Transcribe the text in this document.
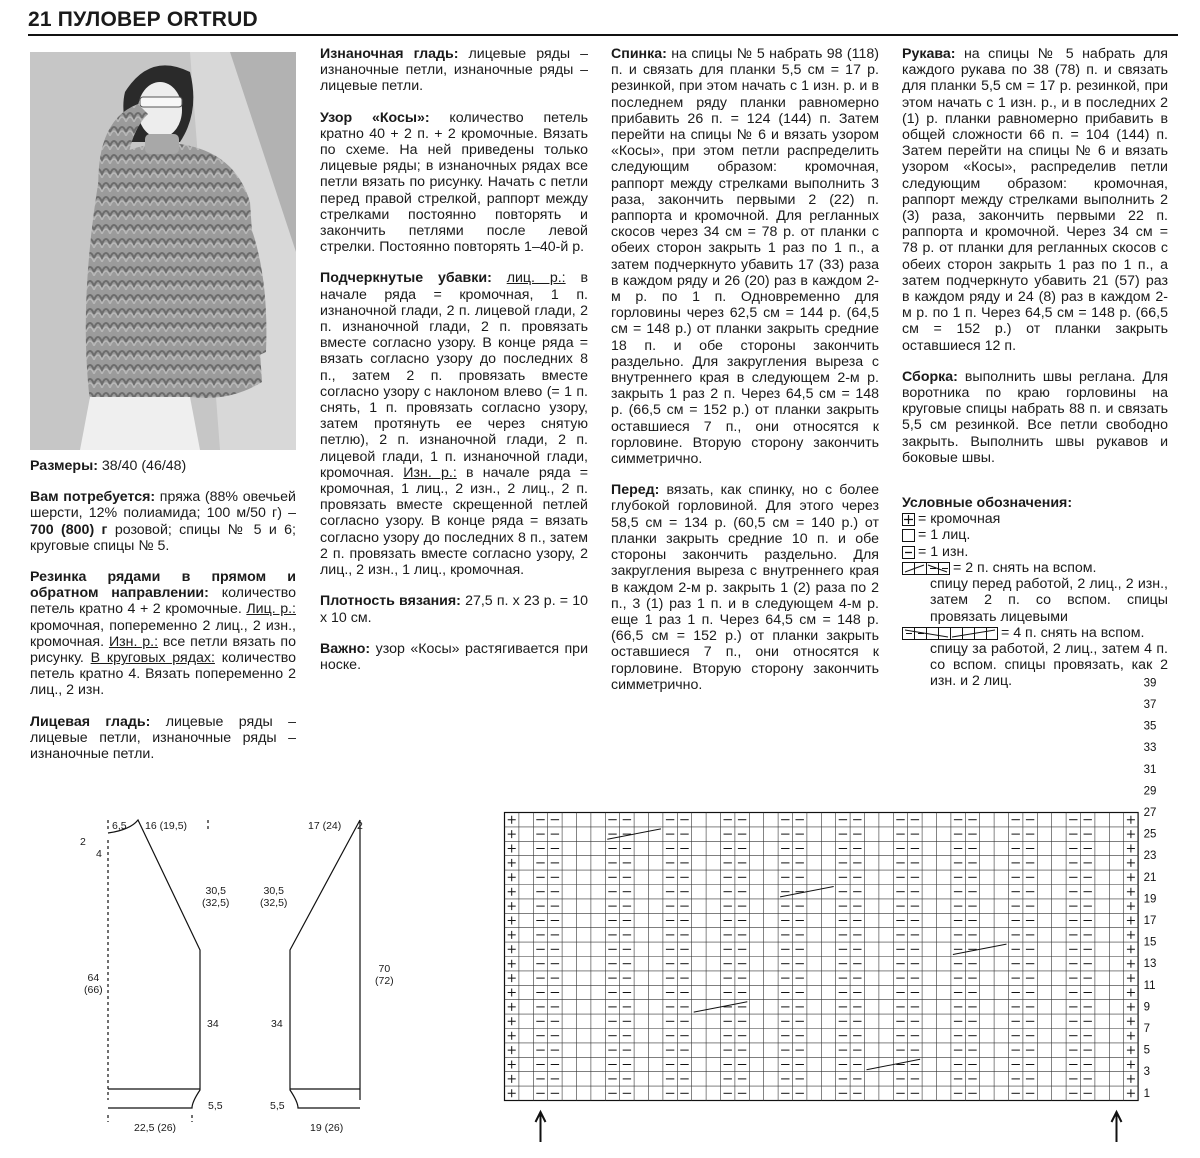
21 ПУЛОВЕР ORTRUD

Размеры: 38/40 (46/48)

Вам потребуется: пряжа (88% овечьей шерсти, 12% полиамида; 100 м/50 г) – 700 (800) г розовой; спицы № 5 и 6; круговые спицы № 5.

Резинка рядами в прямом и обратном направлении: количество петель кратно 4 + 2 кромочные. Лиц. р.: кромочная, попеременно 2 лиц., 2 изн., кромочная. Изн. р.: все петли вязать по рисунку. В круговых рядах: количество петель кратно 4. Вязать попеременно 2 лиц., 2 изн.

Лицевая гладь: лицевые ряды – лицевые петли, изнаночные ряды – изнаночные петли.

Изнаночная гладь: лицевые ряды – изнаночные петли, изнаночные ряды – лицевые петли.

Узор «Косы»: количество петель кратно 40 + 2 п. + 2 кромочные. Вязать по схеме. На ней приведены только лицевые ряды; в изнаночных рядах все петли вязать по рисунку. Начать с петли перед правой стрелкой, раппорт между стрелками постоянно повторять и закончить петлями после левой стрелки. Постоянно повторять 1–40-й р.

Подчеркнутые убавки: лиц. р.: в начале ряда = кромочная, 1 п. изнаночной глади, 2 п. лицевой глади, 2 п. изнаночной глади, 2 п. провязать вместе согласно узору. В конце ряда = вязать согласно узору до последних 8 п., затем 2 п. провязать вместе согласно узору с наклоном влево (= 1 п. снять, 1 п. провязать согласно узору, затем протянуть ее через снятую петлю), 2 п. изнаночной глади, 2 п. лицевой глади, 1 п. изнаночной глади, кромочная. Изн. р.: в начале ряда = кромочная, 1 лиц., 2 изн., 2 лиц., 2 п. провязать вместе скрещенной петлей согласно узору. В конце ряда = вязать согласно узору до последних 8 п., затем 2 п. провязать вместе согласно узору, 2 лиц., 2 изн., 1 лиц., кромочная.

Плотность вязания: 27,5 п. х 23 р. = 10 х 10 см.

Важно: узор «Косы» растягивается при носке.

Спинка: на спицы № 5 набрать 98 (118) п. и связать для планки 5,5 см = 17 р. резинкой, при этом начать с 1 изн. р. и в последнем ряду планки равномерно прибавить 26 п. = 124 (144) п. Затем перейти на спицы № 6 и вязать узором «Косы», при этом петли распределить следующим образом: кромочная, раппорт между стрелками выполнить 3 раза, закончить первыми 2 (22) п. раппорта и кромочной. Для регланных скосов через 34 см = 78 р. от планки с обеих сторон закрыть 1 раз по 1 п., а затем подчеркнуто убавить 17 (33) раза в каждом ряду и 26 (20) раз в каждом 2-м р. по 1 п. Одновременно для горловины через 62,5 см = 144 р. (64,5 см = 148 р.) от планки закрыть средние 18 п. и обе стороны закончить раздельно. Для закругления выреза с внутреннего края в следующем 2-м р. закрыть 1 раз 2 п. Через 64,5 см = 148 р. (66,5 см = 152 р.) от планки закрыть оставшиеся 7 п., они относятся к горловине. Вторую сторону закончить симметрично.

Перед: вязать, как спинку, но с более глубокой горловиной. Для этого через 58,5 см = 134 р. (60,5 см = 140 р.) от планки закрыть средние 10 п. и обе стороны закончить раздельно. Для закругления выреза с внутреннего края в каждом 2-м р. закрыть 1 (2) раза по 2 п., 3 (1) раз 1 п. и в следующем 4-м р. еще 1 раз 1 п. Через 64,5 см = 148 р. (66,5 см = 152 р.) от планки закрыть оставшиеся 7 п., они относятся к горловине. Вторую сторону закончить симметрично.

Рукава: на спицы № 5 набрать для каждого рукава по 38 (78) п. и связать для планки 5,5 см = 17 р. резинкой, при этом начать с 1 изн. р., и в последних 2 (1) р. планки равномерно прибавить в общей сложности 66 п. = 104 (144) п. Затем перейти на спицы № 6 и вязать узором «Косы», распределив петли следующим образом: кромочная, раппорт между стрелками выполнить 2 (3) раза, закончить первыми 22 п. раппорта и кромочной. Через 34 см = 78 р. от планки для регланных скосов с обеих сторон закрыть 1 раз по 1 п., а затем подчеркнуто убавить 21 (57) раз в каждом ряду и 24 (8) раз в каждом 2-м р. по 1 п. Через 64,5 см = 148 р. (66,5 см = 152 р.) от планки закрыть оставшиеся 12 п.

Сборка: выполнить швы реглана. Для воротника по краю горловины на круговые спицы набрать 88 п. и связать 5,5 см резинкой. Все петли свободно закрыть. Выполнить швы рукавов и боковые швы.

Условные обозначения:
= кромочная
= 1 лиц.
= 1 изн.
= 2 п. снять на вспом.
спицу перед работой, 2 лиц., 2 изн., затем 2 п. со вспом. спицы провязать лицевыми
= 4 п. снять на вспом.
спицу за работой, 2 лиц., затем 4 п. со вспом. спицы провязать, как 2 изн. и 2 лиц.
6,5 16 (19,5)
2
4
30,5
(32,5)
64
(66)
34
5,5
22,5 (26)
17 (24) 2
30,5
(32,5)
70
(72)
34
5,5
19 (26)
1
3
5
7
9
11
13
15
17
19
21
23
25
27
29
31
33
35
37
39
